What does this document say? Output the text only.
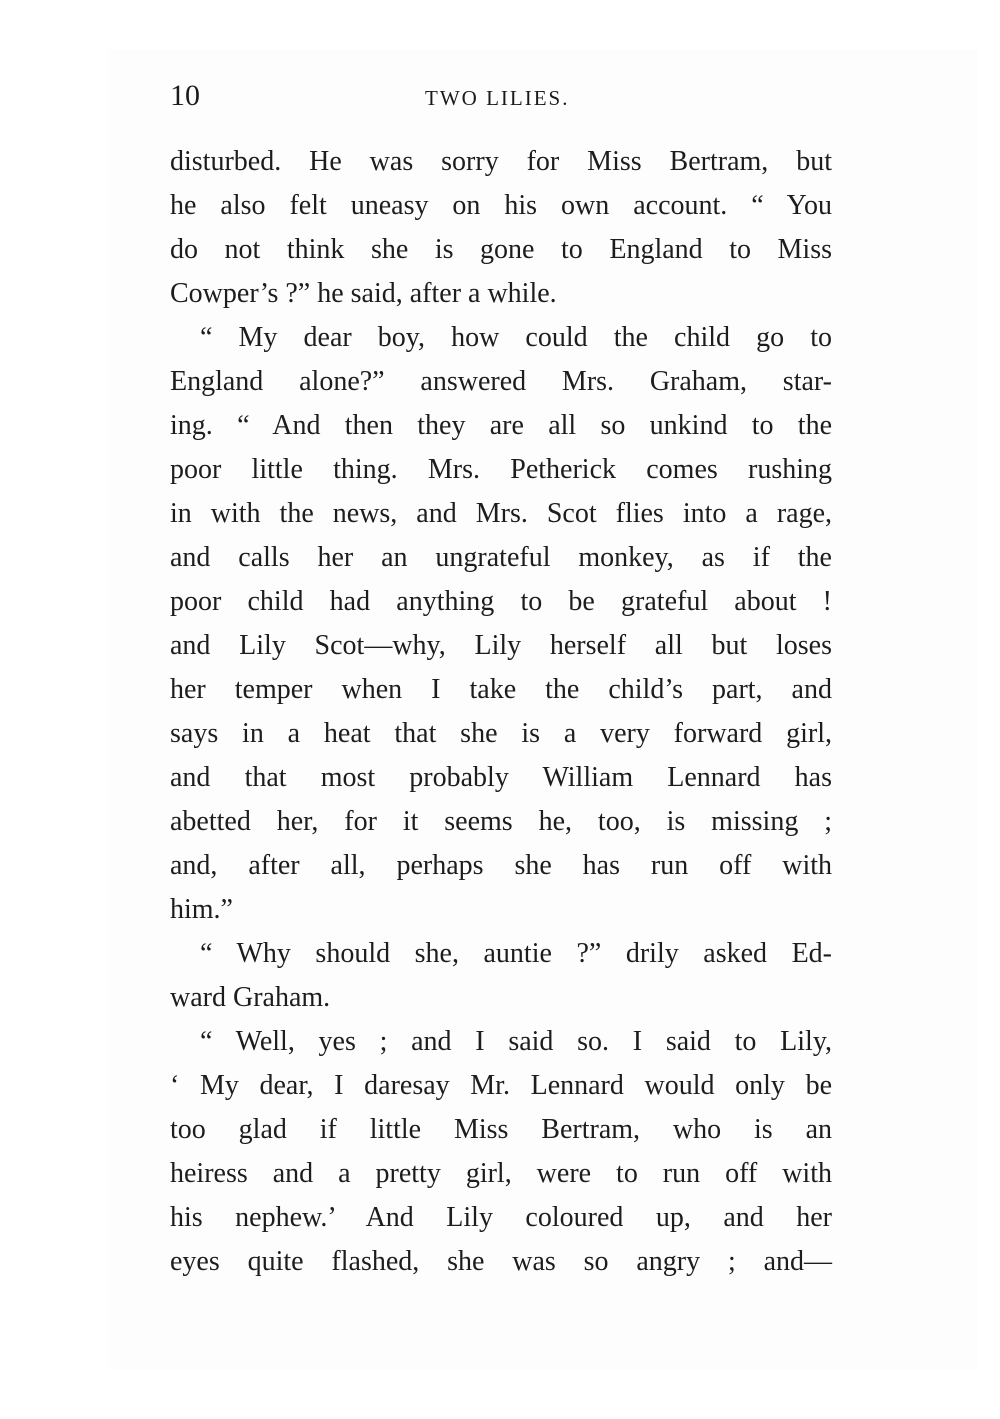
10	TWO LILIES.
disturbed. He was sorry for Miss Bertram, but
he also felt uneasy on his own account. “ You
do not think she is gone to England to Miss
Cowper’s ?” he said, after a while.
“ My dear boy, how could the child go to
England alone?” answered Mrs. Graham, star-
ing. “ And then they are all so unkind to the
poor little thing. Mrs. Petherick comes rushing
in with the news, and Mrs. Scot flies into a rage,
and calls her an ungrateful monkey, as if the
poor child had anything to be grateful about !
and Lily Scot—why, Lily herself all but loses
her temper when I take the child’s part, and
says in a heat that she is a very forward girl,
and that most probably William Lennard has
abetted her, for it seems he, too, is missing ;
and, after all, perhaps she has run off with
him.”
“ Why should she, auntie ?” drily asked Ed-
ward Graham.
“ Well, yes ; and I said so. I said to Lily,
‘ My dear, I daresay Mr. Lennard would only be
too glad if little Miss Bertram, who is an
heiress and a pretty girl, were to run off with
his nephew.’ And Lily coloured up, and her
eyes quite flashed, she was so angry ; and—
